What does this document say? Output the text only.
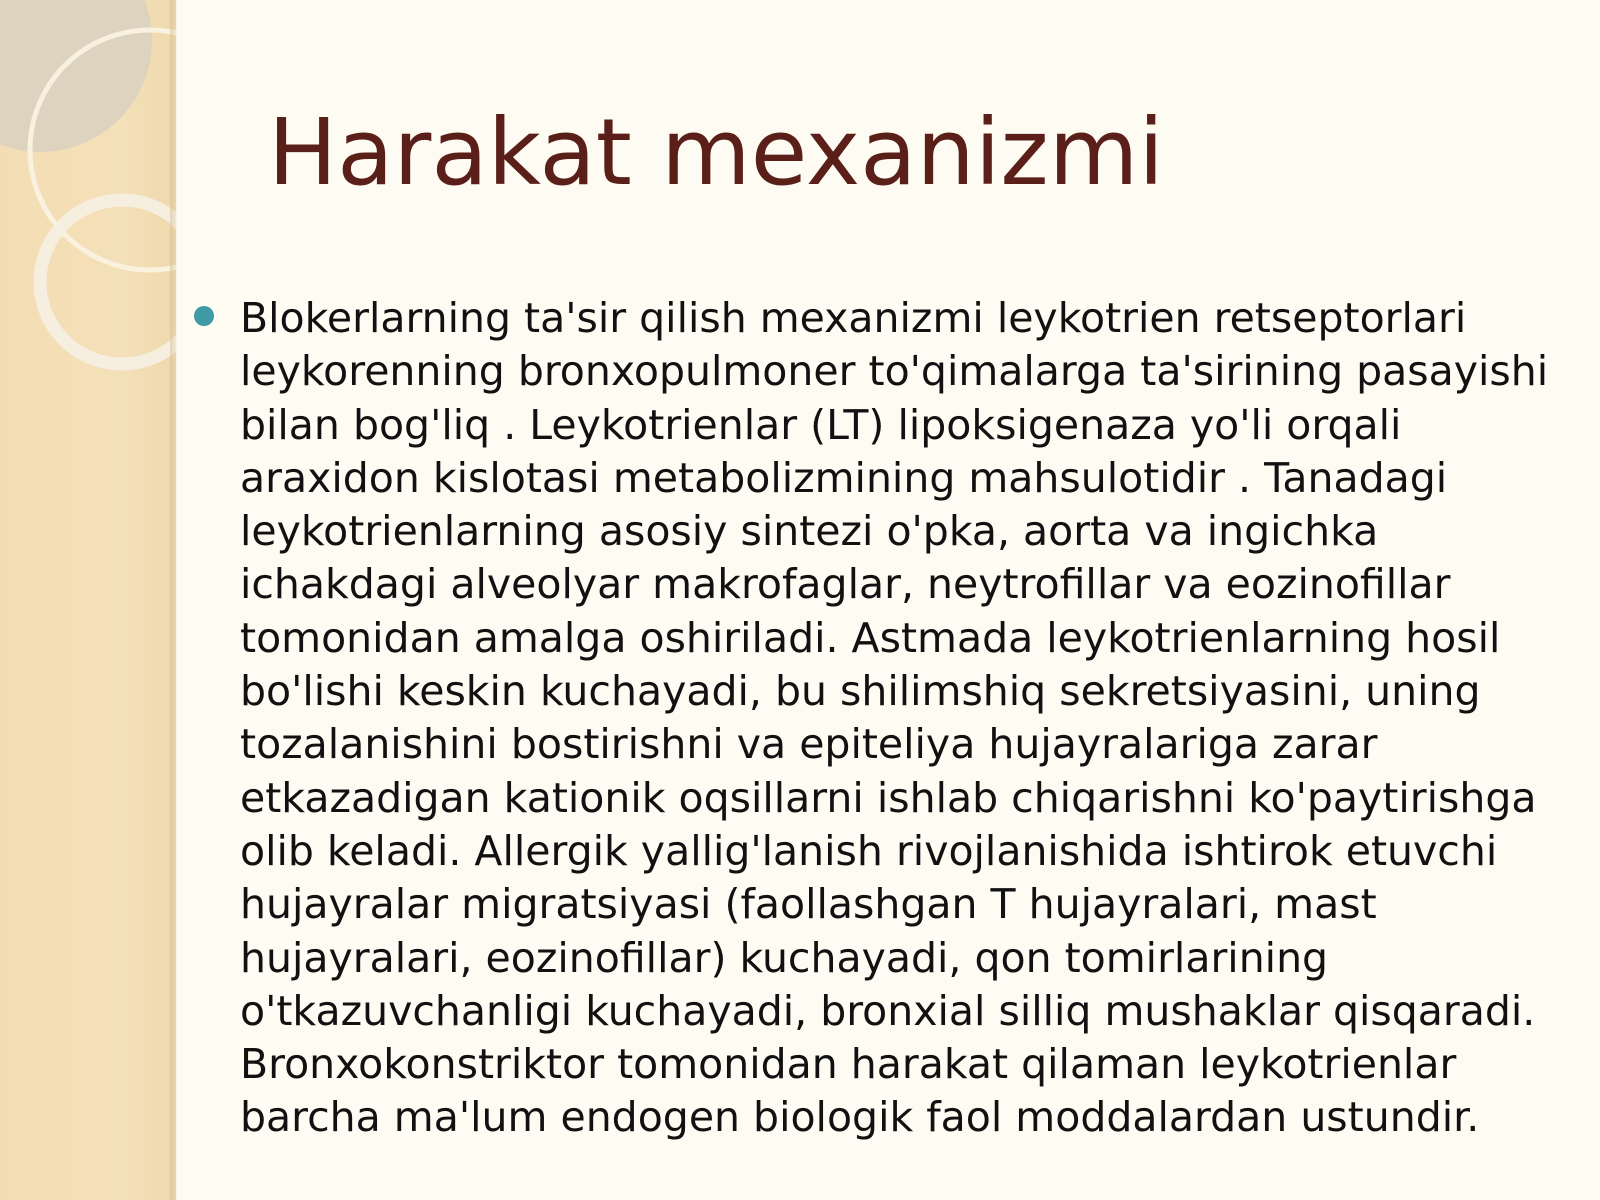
Harakat mexanizmi
Blokerlarning ta'sir qilish mexanizmi leykotrien retseptorlari leykorenning bronxopulmoner to'qimalarga ta'sirining pasayishi bilan bog'liq . Leykotrienlar (LT) lipoksigenaza yo'li orqali araxidon kislotasi metabolizmining mahsulotidir . Tanadagi leykotrienlarning asosiy sintezi o'pka, aorta va ingichka ichakdagi alveolyar makrofaglar, neytrofillar va eozinofillar tomonidan amalga oshiriladi. Astmada leykotrienlarning hosil bo'lishi keskin kuchayadi, bu shilimshiq sekretsiyasini, uning tozalanishini bostirishni va epiteliya hujayralariga zarar etkazadigan kationik oqsillarni ishlab chiqarishni ko'paytirishga olib keladi. Allergik yallig'lanish rivojlanishida ishtirok etuvchi hujayralar migratsiyasi (faollashgan T hujayralari, mast hujayralari, eozinofillar) kuchayadi, qon tomirlarining o'tkazuvchanligi kuchayadi, bronxial silliq mushaklar qisqaradi. Bronxokonstriktor tomonidan harakat qilaman leykotrienlar barcha ma'lum endogen biologik faol moddalardan ustundir.
